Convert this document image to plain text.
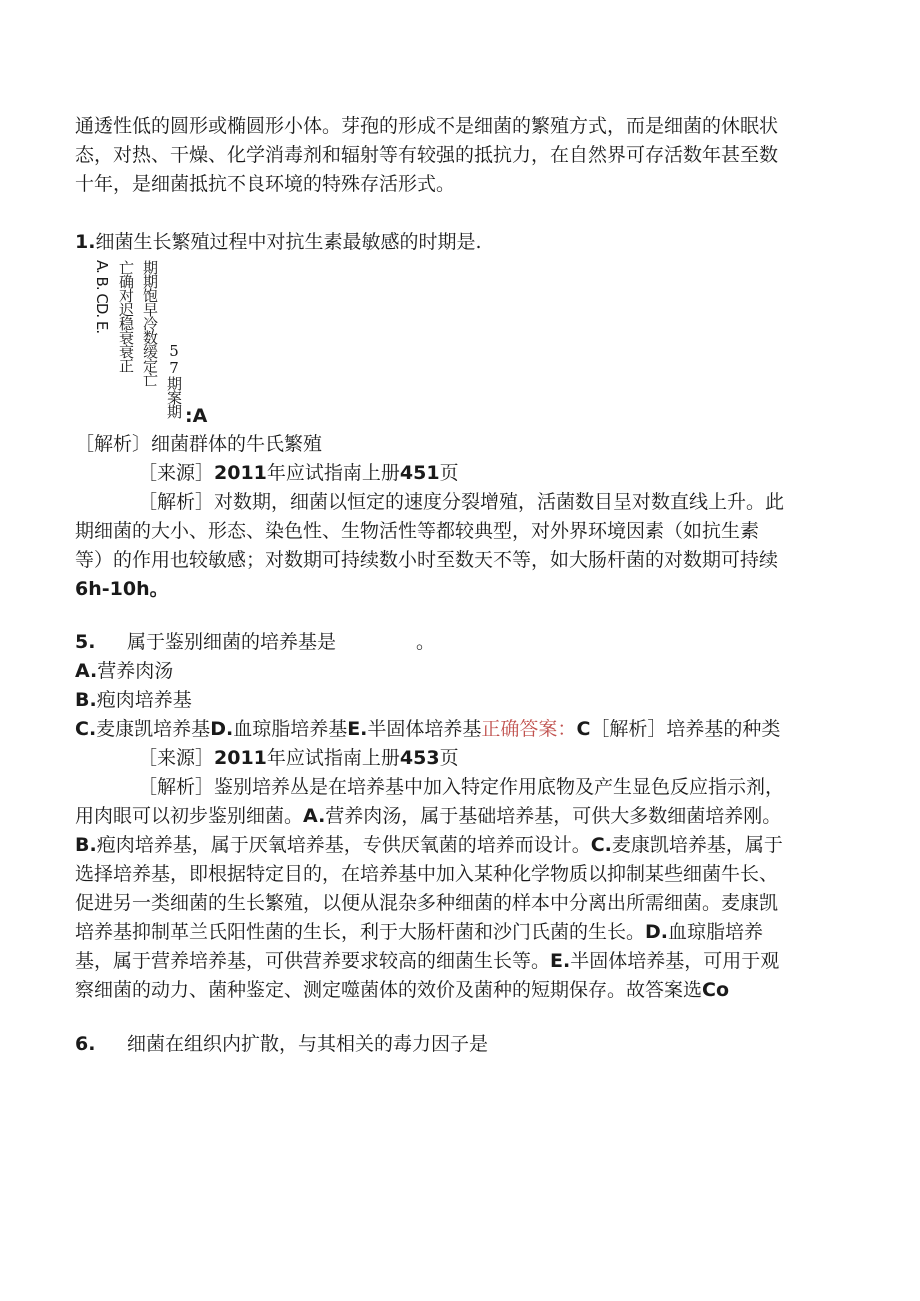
通透性低的圆形或椭圆形小体。芽孢的形成不是细菌的繁殖方式，而是细菌的休眠状
态，对热、干燥、化学消毒剂和辐射等有较强的抵抗力，在自然界可存活数年甚至数
十年，是细菌抵抗不良环境的特殊存活形式。
1.细菌生长繁殖过程中对抗生素最敏感的时期是.
A. B. CD. E. 亡确对迟稳衰衰正 期期饱早冷数缓定亡 57期案期 :A
［解析〕细菌群体的牛氏繁殖
［来源］2011年应试指南上册451页
［解析］对数期，细菌以恒定的速度分裂增殖，活菌数目呈对数直线上升。此
期细菌的大小、形态、染色性、生物活性等都较典型，对外界环境因素（如抗生素
等）的作用也较敏感；对数期可持续数小时至数天不等，如大肠杆菌的对数期可持续
6h-10h。
5. 属于鉴别细菌的培养基是	。
A.营养肉汤
B.疱肉培养基
C.麦康凯培养基D.血琼脂培养基E.半固体培养基正确答案：C［解析］培养基的种类
［来源］2011年应试指南上册453页
［解析］鉴别培养丛是在培养基中加入特定作用底物及产生显色反应指示剂，
用肉眼可以初步鉴别细菌。A.营养肉汤，属于基础培养基，可供大多数细菌培养刚。
B.疱肉培养基，属于厌氧培养基，专供厌氧菌的培养而设计。C.麦康凯培养基，属于
选择培养基，即根据特定目的，在培养基中加入某种化学物质以抑制某些细菌牛长、
促进另一类细菌的生长繁殖，以便从混杂多种细菌的样本中分离出所需细菌。麦康凯
培养基抑制革兰氏阳性菌的生长，利于大肠杆菌和沙门氏菌的生长。D.血琼脂培养
基，属于营养培养基，可供营养要求较高的细菌生长等。E.半固体培养基，可用于观
察细菌的动力、菌种鉴定、测定噬菌体的效价及菌种的短期保存。故答案选Co
6. 细菌在组织内扩散，与其相关的毒力因子是
